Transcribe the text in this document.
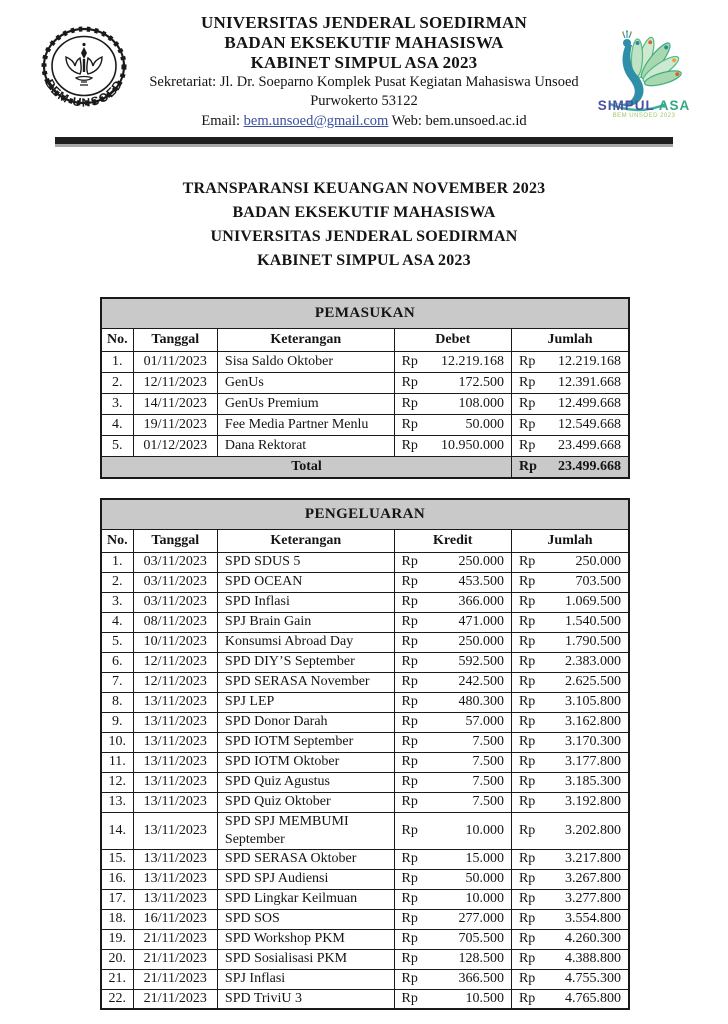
BEM UNSOED
UNIVERSITAS JENDERAL SOEDIRMAN
BADAN EKSEKUTIF MAHASISWA
KABINET SIMPUL ASA 2023
Sekretariat: Jl. Dr. Soeparno Komplek Pusat Kegiatan Mahasiswa Unsoed
Purwokerto 53122
Email: bem.unsoed@gmail.com Web: bem.unsoed.ac.id	BEM UNSOED 2023
SIMPUL ASA
TRANSPARANSI KEUANGAN NOVEMBER 2023
BADAN EKSEKUTIF MAHASISWA
UNIVERSITAS JENDERAL SOEDIRMAN
KABINET SIMPUL ASA 2023
PEMASUKAN				
No.	Tanggal	Keterangan	Debet	Jumlah
1.	01/11/2023	Sisa Saldo Oktober	Rp 12.219.168	Rp 12.219.168

2.	12/11/2023	GenUs	Rp 172.500	Rp 12.391.668

3.	14/11/2023	GenUs Premium	Rp 108.000	Rp 12.499.668

4.	19/11/2023	Fee Media Partner Menlu	Rp 50.000	Rp 12.549.668

5.	01/12/2023	Dana Rektorat	Rp 10.950.000	Rp 23.499.668

Total				Rp 23.499.668
PENGELUARAN				
No.	Tanggal	Keterangan	Kredit	Jumlah
1.	03/11/2023	SPD SDUS 5	Rp 250.000	Rp 250.000

2.	03/11/2023	SPD OCEAN	Rp 453.500	Rp 703.500

3.	03/11/2023	SPD Inflasi	Rp 366.000	Rp 1.069.500

4.	08/11/2023	SPJ Brain Gain	Rp 471.000	Rp 1.540.500

5.	10/11/2023	Konsumsi Abroad Day	Rp 250.000	Rp 1.790.500

6.	12/11/2023	SPD DIY’S September	Rp 592.500	Rp 2.383.000

7.	12/11/2023	SPD SERASA November	Rp 242.500	Rp 2.625.500

8.	13/11/2023	SPJ LEP	Rp 480.300	Rp 3.105.800

9.	13/11/2023	SPD Donor Darah	Rp 57.000	Rp 3.162.800

10.	13/11/2023	SPD IOTM September	Rp 7.500	Rp 3.170.300

11.	13/11/2023	SPD IOTM Oktober	Rp 7.500	Rp 3.177.800

12.	13/11/2023	SPD Quiz Agustus	Rp 7.500	Rp 3.185.300

13.	13/11/2023	SPD Quiz Oktober	Rp 7.500	Rp 3.192.800

14.	13/11/2023	SPD SPJ MEMBUMI September	Rp 10.000	Rp 3.202.800

15.	13/11/2023	SPD SERASA Oktober	Rp 15.000	Rp 3.217.800

16.	13/11/2023	SPD SPJ Audiensi	Rp 50.000	Rp 3.267.800

17.	13/11/2023	SPD Lingkar Keilmuan	Rp 10.000	Rp 3.277.800

18.	16/11/2023	SPD SOS	Rp 277.000	Rp 3.554.800

19.	21/11/2023	SPD Workshop PKM	Rp 705.500	Rp 4.260.300

20.	21/11/2023	SPD Sosialisasi PKM	Rp 128.500	Rp 4.388.800

21.	21/11/2023	SPJ Inflasi	Rp 366.500	Rp 4.755.300

22.	21/11/2023	SPD TriviU 3	Rp 10.500	Rp 4.765.800
